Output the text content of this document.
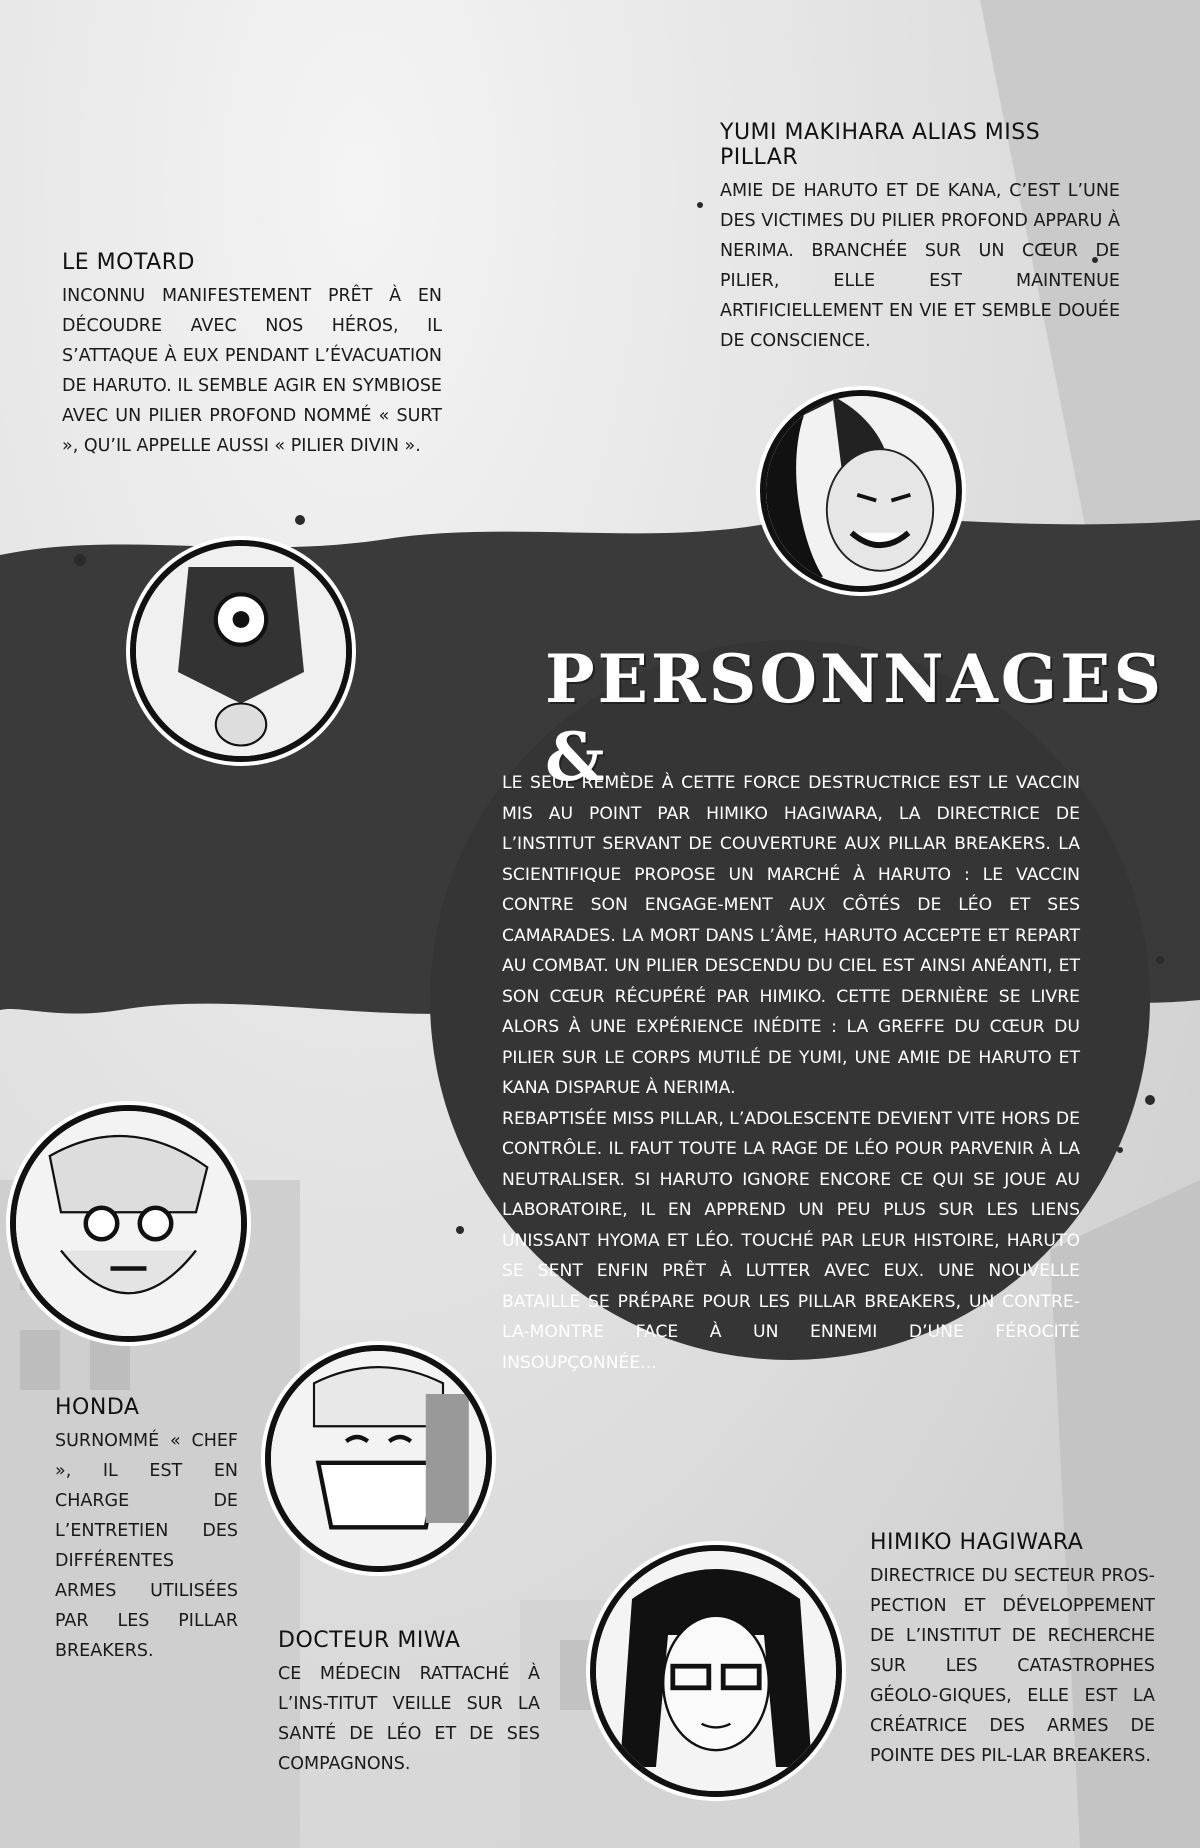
YUMI MAKIHARA ALIAS MISS PILLAR

AMIE DE HARUTO ET DE KANA, C’EST L’UNE DES VICTIMES DU PILIER PROFOND APPARU À NERIMA. BRANCHÉE SUR UN CŒUR DE PILIER, ELLE EST MAINTENUE ARTIFICIELLEMENT EN VIE ET SEMBLE DOUÉE DE CONSCIENCE.

LE MOTARD

INCONNU MANIFESTEMENT PRÊT À EN DÉCOUDRE AVEC NOS HÉROS, IL S’ATTAQUE À EUX PENDANT L’ÉVACUATION DE HARUTO. IL SEMBLE AGIR EN SYMBIOSE AVEC UN PILIER PROFOND NOMMÉ « SURT », QU’IL APPELLE AUSSI « PILIER DIVIN ».

PERSONNAGES &

LE SEUL REMÈDE À CETTE FORCE DESTRUCTRICE EST LE VACCIN MIS AU POINT PAR HIMIKO HAGIWARA, LA DIRECTRICE DE L’INSTITUT SERVANT DE COUVERTURE AUX PILLAR BREAKERS. LA SCIENTIFIQUE PROPOSE UN MARCHÉ À HARUTO : LE VACCIN CONTRE SON ENGAGE-MENT AUX CÔTÉS DE LÉO ET SES CAMARADES. LA MORT DANS L’ÂME, HARUTO ACCEPTE ET REPART AU COMBAT. UN PILIER DESCENDU DU CIEL EST AINSI ANÉANTI, ET SON CŒUR RÉCUPÉRÉ PAR HIMIKO. CETTE DERNIÈRE SE LIVRE ALORS À UNE EXPÉRIENCE INÉDITE : LA GREFFE DU CŒUR DU PILIER SUR LE CORPS MUTILÉ DE YUMI, UNE AMIE DE HARUTO ET KANA DISPARUE À NERIMA.

REBAPTISÉE MISS PILLAR, L’ADOLESCENTE DEVIENT VITE HORS DE CONTRÔLE. IL FAUT TOUTE LA RAGE DE LÉO POUR PARVENIR À LA NEUTRALISER. SI HARUTO IGNORE ENCORE CE QUI SE JOUE AU LABORATOIRE, IL EN APPREND UN PEU PLUS SUR LES LIENS UNISSANT HYOMA ET LÉO. TOUCHÉ PAR LEUR HISTOIRE, HARUTO SE SENT ENFIN PRÊT À LUTTER AVEC EUX. UNE NOUVELLE BATAILLE SE PRÉPARE POUR LES PILLAR BREAKERS, UN CONTRE-LA-MONTRE FACE À UN ENNEMI D’UNE FÉROCITÉ INSOUPÇONNÉE...

HONDA

SURNOMMÉ « CHEF », IL EST EN CHARGE DE L’ENTRETIEN DES DIFFÉRENTES ARMES UTILISÉES PAR LES PILLAR BREAKERS.	DOCTEUR MIWA

CE MÉDECIN RATTACHÉ À L’INS-TITUT VEILLE SUR LA SANTÉ DE LÉO ET DE SES COMPAGNONS.

HIMIKO HAGIWARA

DIRECTRICE DU SECTEUR PROS-PECTION ET DÉVELOPPEMENT DE L’INSTITUT DE RECHERCHE SUR LES CATASTROPHES GÉOLO-GIQUES, ELLE EST LA CRÉATRICE DES ARMES DE POINTE DES PIL-LAR BREAKERS.
